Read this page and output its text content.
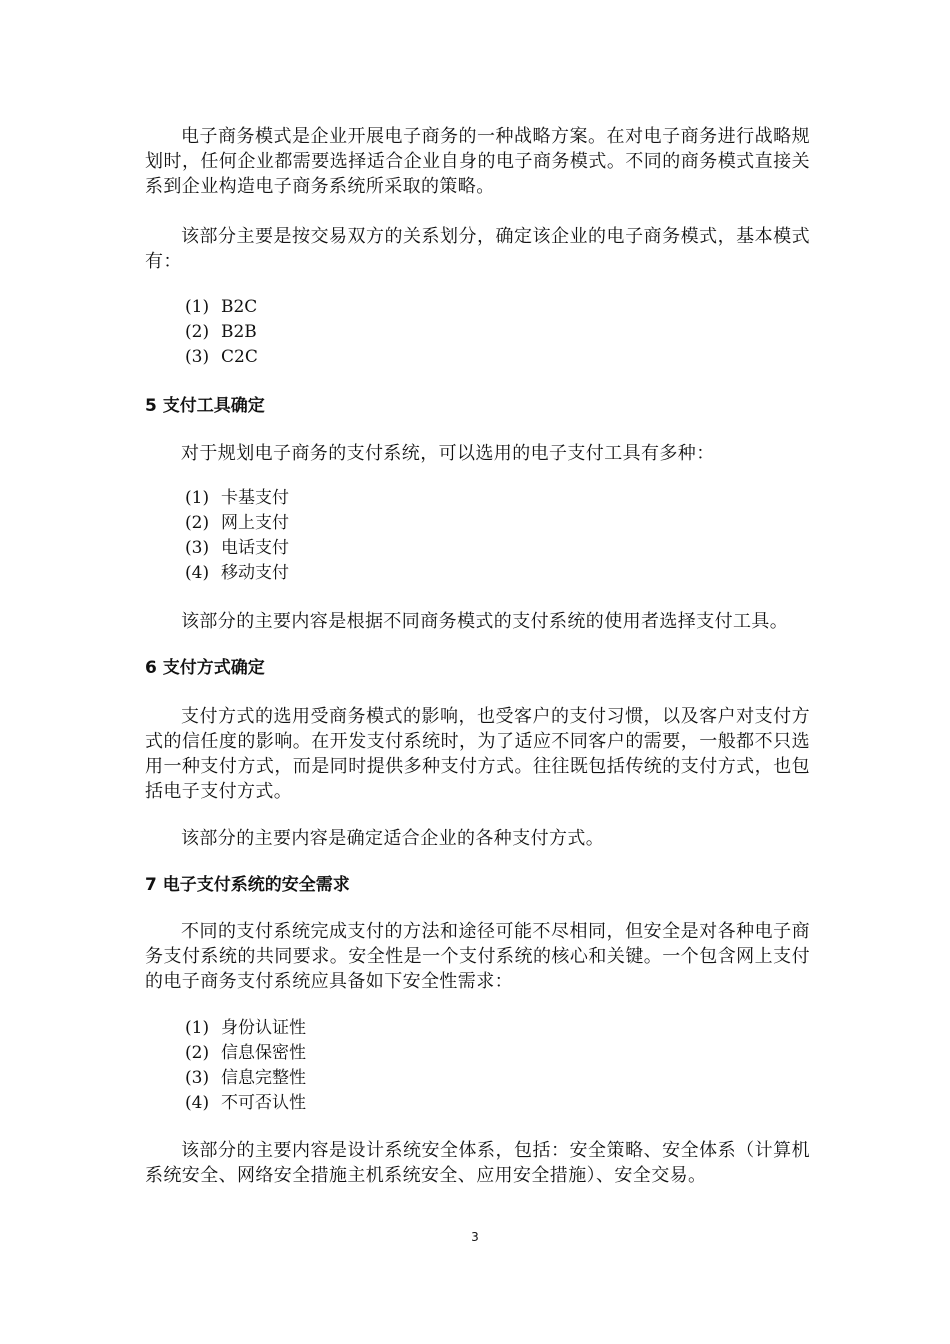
电子商务模式是企业开展电子商务的一种战略方案。在对电子商务进行战略规划时，任何企业都需要选择适合企业自身的电子商务模式。不同的商务模式直接关系到企业构造电子商务系统所采取的策略。

该部分主要是按交易双方的关系划分，确定该企业的电子商务模式，基本模式有：

(1) B2C
(2) B2B
(3) C2C
5 支付工具确定

对于规划电子商务的支付系统，可以选用的电子支付工具有多种：

(1) 卡基支付
(2) 网上支付
(3) 电话支付
(4) 移动支付

该部分的主要内容是根据不同商务模式的支付系统的使用者选择支付工具。

6 支付方式确定

支付方式的选用受商务模式的影响，也受客户的支付习惯，以及客户对支付方式的信任度的影响。在开发支付系统时，为了适应不同客户的需要，一般都不只选用一种支付方式，而是同时提供多种支付方式。往往既包括传统的支付方式，也包括电子支付方式。

该部分的主要内容是确定适合企业的各种支付方式。

7 电子支付系统的安全需求

不同的支付系统完成支付的方法和途径可能不尽相同，但安全是对各种电子商务支付系统的共同要求。安全性是一个支付系统的核心和关键。一个包含网上支付的电子商务支付系统应具备如下安全性需求：

(1) 身份认证性
(2) 信息保密性
(3) 信息完整性
(4) 不可否认性

该部分的主要内容是设计系统安全体系，包括：安全策略、安全体系（计算机系统安全、网络安全措施主机系统安全、应用安全措施）、安全交易。

3
